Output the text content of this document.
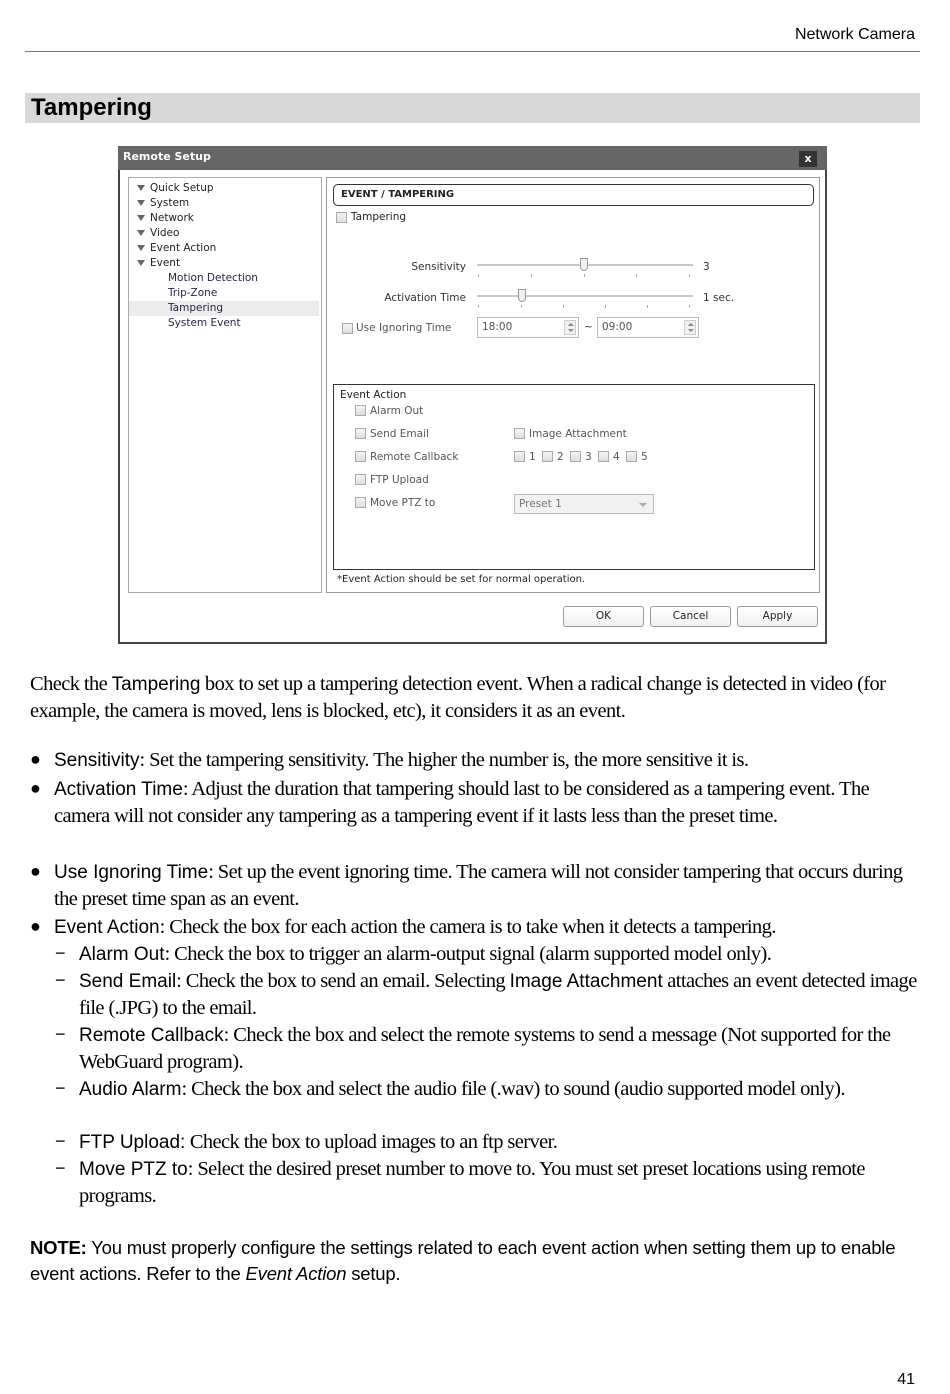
Network Camera
Tampering
Remote Setup	x
Quick Setup
System
Network
Video
Event Action
Event
Motion Detection
Trip-Zone
Tampering
System Event
EVENT / TAMPERING
Tampering
Sensitivity	3
Activation Time	1 sec.
Use Ignoring Time	18:00	~ 09:00
Event Action
Alarm Out
Send Email	Image Attachment
Remote Callback	1 2 3 4 5
FTP Upload
Move PTZ to	Preset 1
*Event Action should be set for normal operation.
OK	Cancel	Apply
Check the Tampering box to set up a tampering detection event. When a radical change is detected in video (for example, the camera is moved, lens is blocked, etc), it considers it as an event.
● Sensitivity: Set the tampering sensitivity. The higher the number is, the more sensitive it is.
● Activation Time: Adjust the duration that tampering should last to be considered as a tampering event. The camera will not consider any tampering as a tampering event if it lasts less than the preset time.
● Use Ignoring Time: Set up the event ignoring time. The camera will not consider tampering that occurs during the preset time span as an event.
● Event Action: Check the box for each action the camera is to take when it detects a tampering.
− Alarm Out: Check the box to trigger an alarm-output signal (alarm supported model only).
− Send Email: Check the box to send an email. Selecting Image Attachment attaches an event detected image file (.JPG) to the email.
− Remote Callback: Check the box and select the remote systems to send a message (Not supported for the WebGuard program).
− Audio Alarm: Check the box and select the audio file (.wav) to sound (audio supported model only).
− FTP Upload: Check the box to upload images to an ftp server.
− Move PTZ to: Select the desired preset number to move to. You must set preset locations using remote programs.
NOTE: You must properly configure the settings related to each event action when setting them up to enable event actions. Refer to the Event Action setup.
41
